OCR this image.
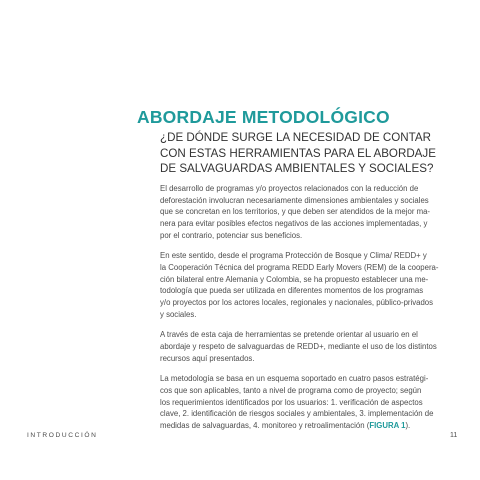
ABORDAJE METODOLÓGICO
¿DE DÓNDE SURGE LA NECESIDAD DE CONTAR
CON ESTAS HERRAMIENTAS PARA EL ABORDAJE
DE SALVAGUARDAS AMBIENTALES Y SOCIALES?

El desarrollo de programas y/o proyectos relacionados con la reducción de
deforestación involucran necesariamente dimensiones ambientales y sociales
que se concretan en los territorios, y que deben ser atendidos de la mejor ma-
nera para evitar posibles efectos negativos de las acciones implementadas, y
por el contrario, potenciar sus beneficios.

En este sentido, desde el programa Protección de Bosque y Clima/ REDD+ y
la Cooperación Técnica del programa REDD Early Movers (REM) de la coopera-
ción bilateral entre Alemania y Colombia, se ha propuesto establecer una me-
todología que pueda ser utilizada en diferentes momentos de los programas
y/o proyectos por los actores locales, regionales y nacionales, público-privados
y sociales.

A través de esta caja de herramientas se pretende orientar al usuario en el
abordaje y respeto de salvaguardas de REDD+, mediante el uso de los distintos
recursos aquí presentados.

La metodología se basa en un esquema soportado en cuatro pasos estratégi-
cos que son aplicables, tanto a nivel de programa como de proyecto; según
los requerimientos identificados por los usuarios: 1. verificación de aspectos
clave, 2. identificación de riesgos sociales y ambientales, 3. implementación de
medidas de salvaguardas, 4. monitoreo y retroalimentación (FIGURA 1).

INTRODUCCIÓN	11
